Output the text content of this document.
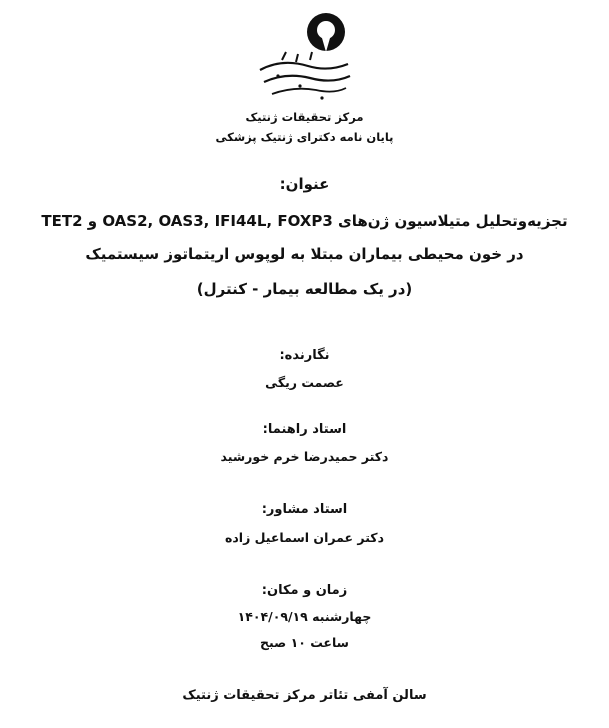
مرکز تحقیقات ژنتیک
پایان نامه دکترای ژنتیک پزشکی
عنوان:
تجزیه‌وتحلیل متیلاسیون ژن‌های OAS2, OAS3, IFI44L, FOXP3 و TET2
در خون محیطی بیماران مبتلا به لوپوس اریتماتوز سیستمیک
(در یک مطالعه بیمار - کنترل)
نگارنده:
عصمت ریگی
استاد راهنما:
دکتر حمیدرضا خرم خورشید
استاد مشاور:
دکتر عمران اسماعیل زاده
زمان و مکان:
چهارشنبه ۱۴۰۴/۰۹/۱۹
ساعت ۱۰ صبح
سالن آمفی تئاتر مرکز تحقیقات ژنتیک
